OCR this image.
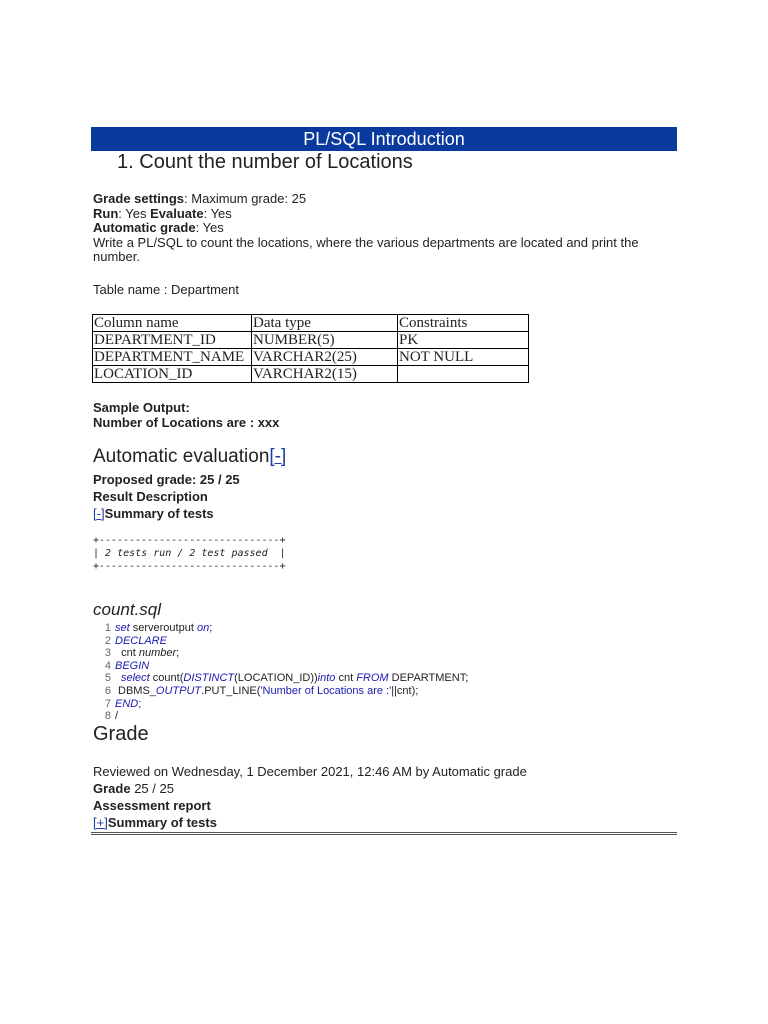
PL/SQL Introduction
1. Count the number of Locations
Grade settings: Maximum grade: 25
Run: Yes Evaluate: Yes
Automatic grade: Yes
Write a PL/SQL to count the locations, where the various departments are located and print the number.
Table name : Department
Column name	Data type	Constraints
DEPARTMENT_ID	NUMBER(5)	PK
DEPARTMENT_NAME	VARCHAR2(25)	NOT NULL
LOCATION_ID	VARCHAR2(15)	
Sample Output:
Number of Locations are : xxx
Automatic evaluation[-]
Proposed grade: 25 / 25
Result Description
[-]Summary of tests
+------------------------------+
| 2 tests run / 2 test passed  |
+------------------------------+
count.sql
1 set serveroutput on;
2 DECLARE
3  cnt number;
4 BEGIN
5 select count(DISTINCT(LOCATION_ID))into cnt FROM DEPARTMENT;
6 DBMS_OUTPUT.PUT_LINE('Number of Locations are :'||cnt);
7 END;
8 /
Grade
Reviewed on Wednesday, 1 December 2021, 12:46 AM by Automatic grade
Grade 25 / 25
Assessment report
[+]Summary of tests
